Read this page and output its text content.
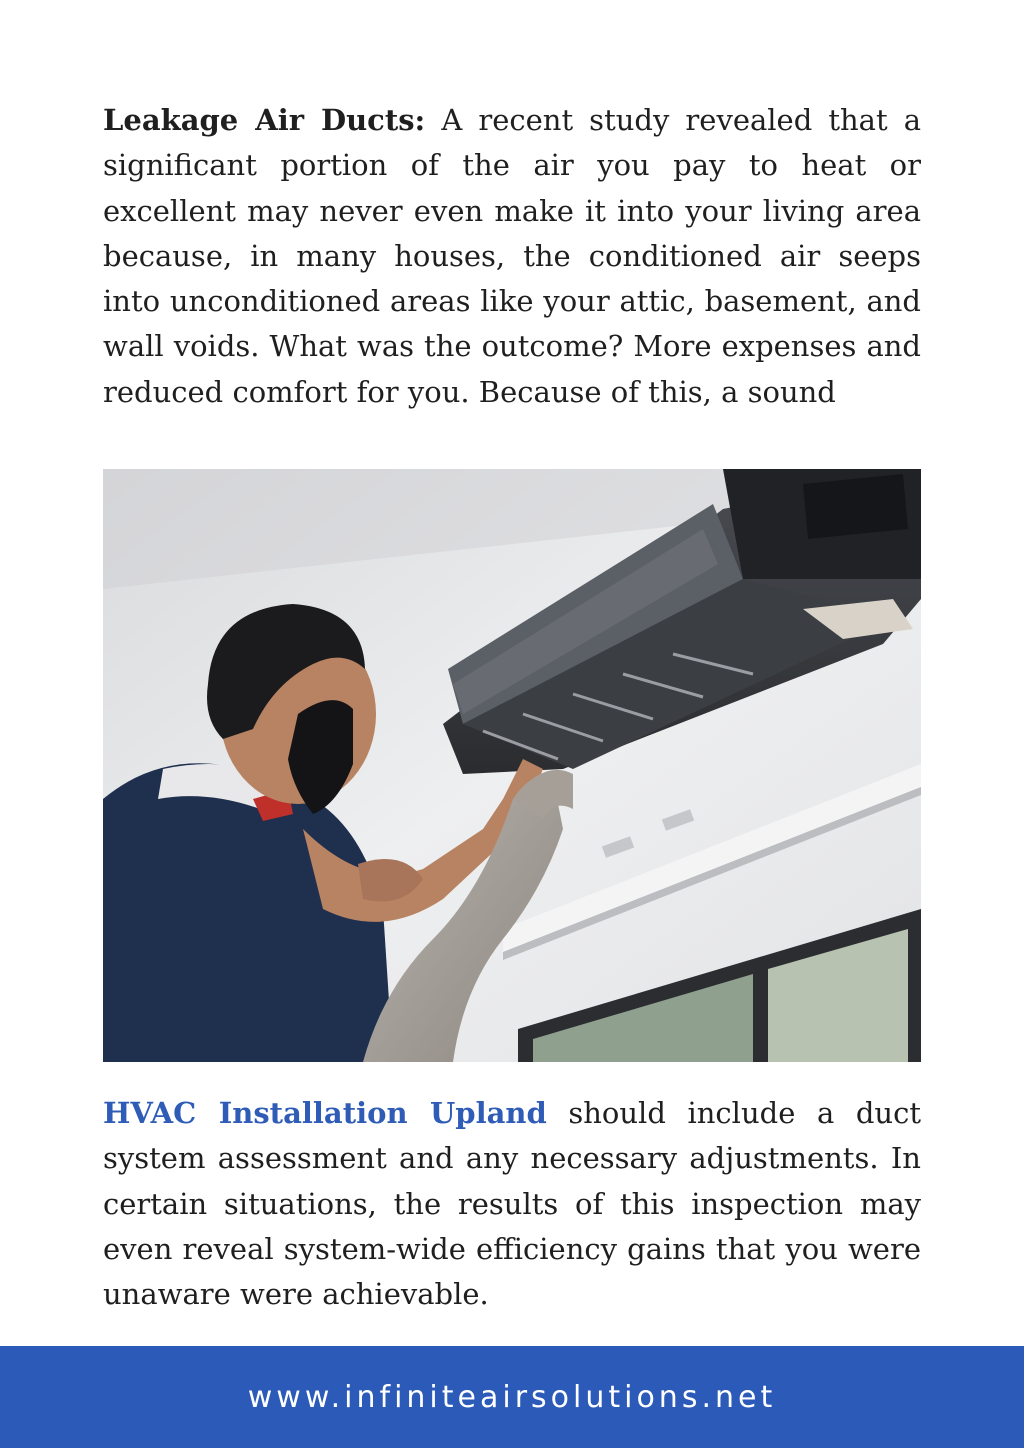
Leakage Air Ducts: A recent study revealed that a significant portion of the air you pay to heat or excellent may never even make it into your living area because, in many houses, the conditioned air seeps into unconditioned areas like your attic, basement, and wall voids. What was the outcome? More expenses and reduced comfort for you. Because of this, a sound

HVAC Installation Upland should include a duct system assessment and any necessary adjustments. In certain situations, the results of this inspection may even reveal system-wide efficiency gains that you were unaware were achievable.

www.infiniteairsolutions.net
